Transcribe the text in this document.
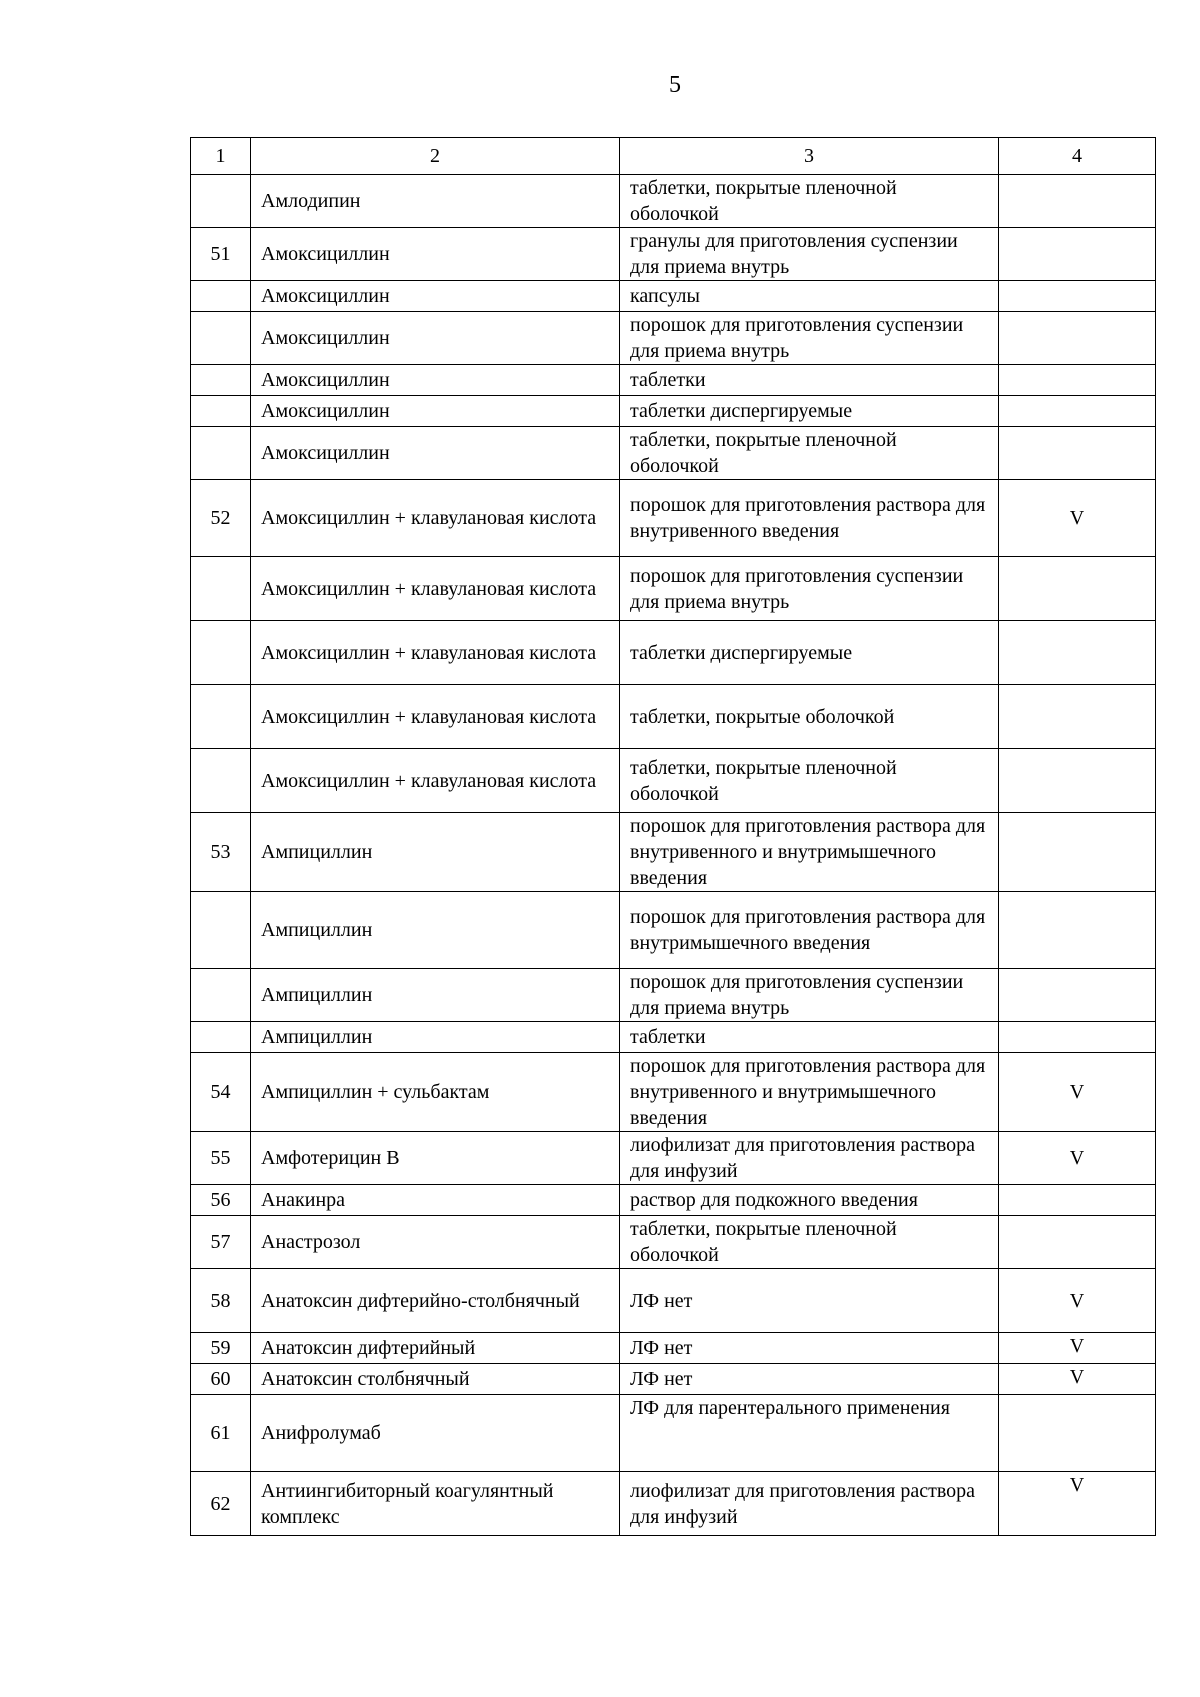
5
1	2	3	4
	Амлодипин	таблетки, покрытые пленочной оболочкой	
51	Амоксициллин	гранулы для приготовления суспензии для приема внутрь	
	Амоксициллин	капсулы	
	Амоксициллин	порошок для приготовления суспензии для приема внутрь	
	Амоксициллин	таблетки	
	Амоксициллин	таблетки диспергируемые	
	Амоксициллин	таблетки, покрытые пленочной оболочкой	
52	Амоксициллин + клавулановая кислота	порошок для приготовления раствора для внутривенного введения	V
	Амоксициллин + клавулановая кислота	порошок для приготовления суспензии для приема внутрь	
	Амоксициллин + клавулановая кислота	таблетки диспергируемые	
	Амоксициллин + клавулановая кислота	таблетки, покрытые оболочкой	
	Амоксициллин + клавулановая кислота	таблетки, покрытые пленочной оболочкой	
53	Ампициллин	порошок для приготовления раствора для внутривенного и внутримышечного введения	
	Ампициллин	порошок для приготовления раствора для внутримышечного введения	
	Ампициллин	порошок для приготовления суспензии для приема внутрь	
	Ампициллин	таблетки	
54	Ампициллин + сульбактам	порошок для приготовления раствора для внутривенного и внутримышечного введения	V
55	Амфотерицин B	лиофилизат для приготовления раствора для инфузий	V
56	Анакинра	раствор для подкожного введения	
57	Анастрозол	таблетки, покрытые пленочной оболочкой	
58	Анатоксин дифтерийно-столбнячный	ЛФ нет	V
59	Анатоксин дифтерийный	ЛФ нет	V
60	Анатоксин столбнячный	ЛФ нет	V
61	Анифролумаб	ЛФ для парентерального применения	
62	Антиингибиторный коагулянтный комплекс	лиофилизат для приготовления раствора для инфузий	V
